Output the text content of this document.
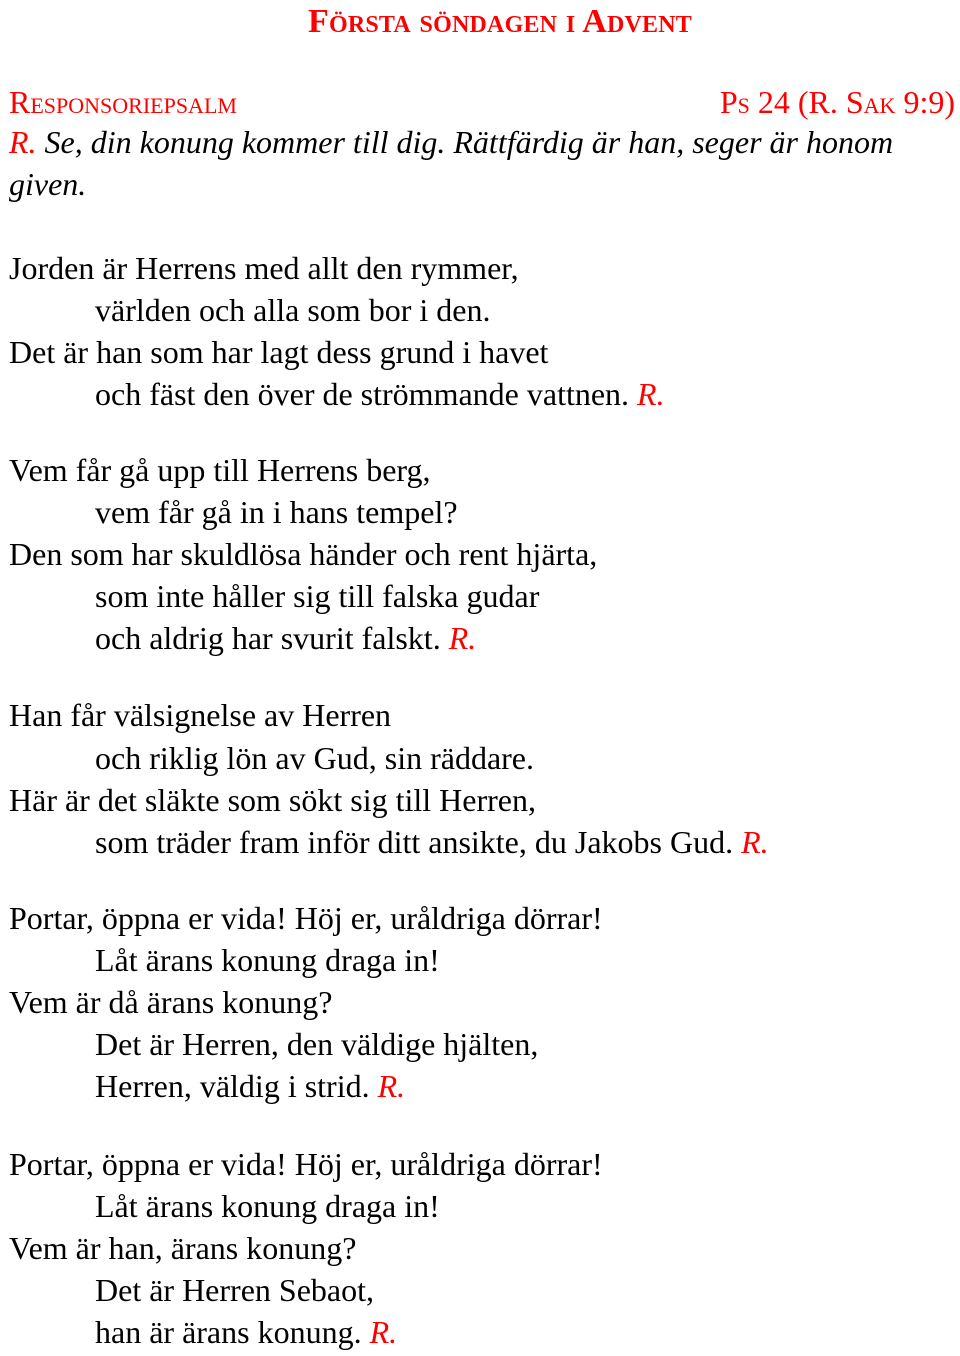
Första söndagen i Advent
Responsoriepsalm	Ps 24 (R. Sak 9:9)
R. Se, din konung kommer till dig. Rättfärdig är han, seger är honom given.
Jorden är Herrens med allt den rymmer,
världen och alla som bor i den.
Det är han som har lagt dess grund i havet
och fäst den över de strömmande vattnen. R.
Vem får gå upp till Herrens berg,
vem får gå in i hans tempel?
Den som har skuldlösa händer och rent hjärta,
som inte håller sig till falska gudar
och aldrig har svurit falskt. R.
Han får välsignelse av Herren
och riklig lön av Gud, sin räddare.
Här är det släkte som sökt sig till Herren,
som träder fram inför ditt ansikte, du Jakobs Gud. R.
Portar, öppna er vida! Höj er, uråldriga dörrar!
Låt ärans konung draga in!
Vem är då ärans konung?
Det är Herren, den väldige hjälten,
Herren, väldig i strid. R.
Portar, öppna er vida! Höj er, uråldriga dörrar!
Låt ärans konung draga in!
Vem är han, ärans konung?
Det är Herren Sebaot,
han är ärans konung. R.
